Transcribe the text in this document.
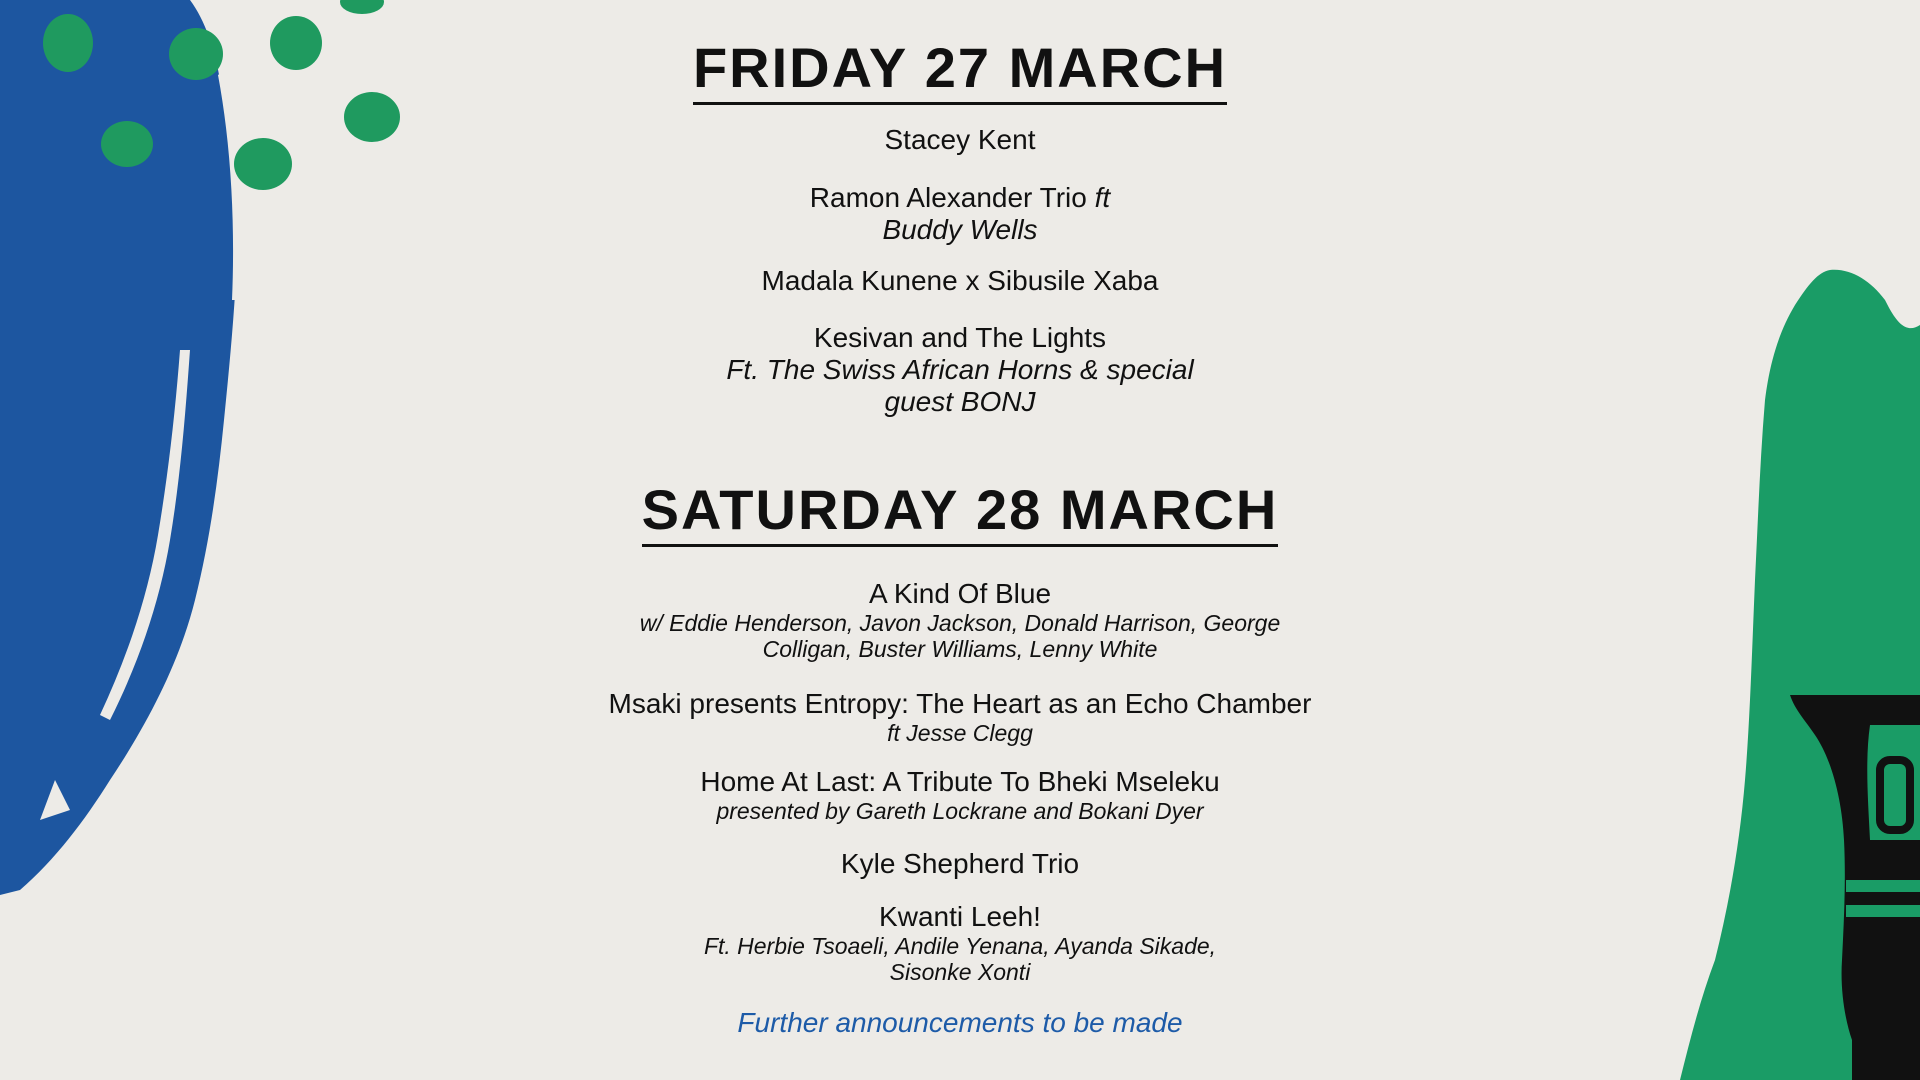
FRIDAY 27 MARCH
Stacey Kent
Ramon Alexander Trio ft
Buddy Wells
Madala Kunene x Sibusile Xaba
Kesivan and The Lights
Ft. The Swiss African Horns & special
guest BONJ
SATURDAY 28 MARCH
A Kind Of Blue
w/ Eddie Henderson, Javon Jackson, Donald Harrison, George
Colligan, Buster Williams, Lenny White
Msaki presents Entropy: The Heart as an Echo Chamber
ft Jesse Clegg
Home At Last: A Tribute To Bheki Mseleku
presented by Gareth Lockrane and Bokani Dyer
Kyle Shepherd Trio
Kwanti Leeh!
Ft. Herbie Tsoaeli, Andile Yenana, Ayanda Sikade,
Sisonke Xonti
Further announcements to be made
